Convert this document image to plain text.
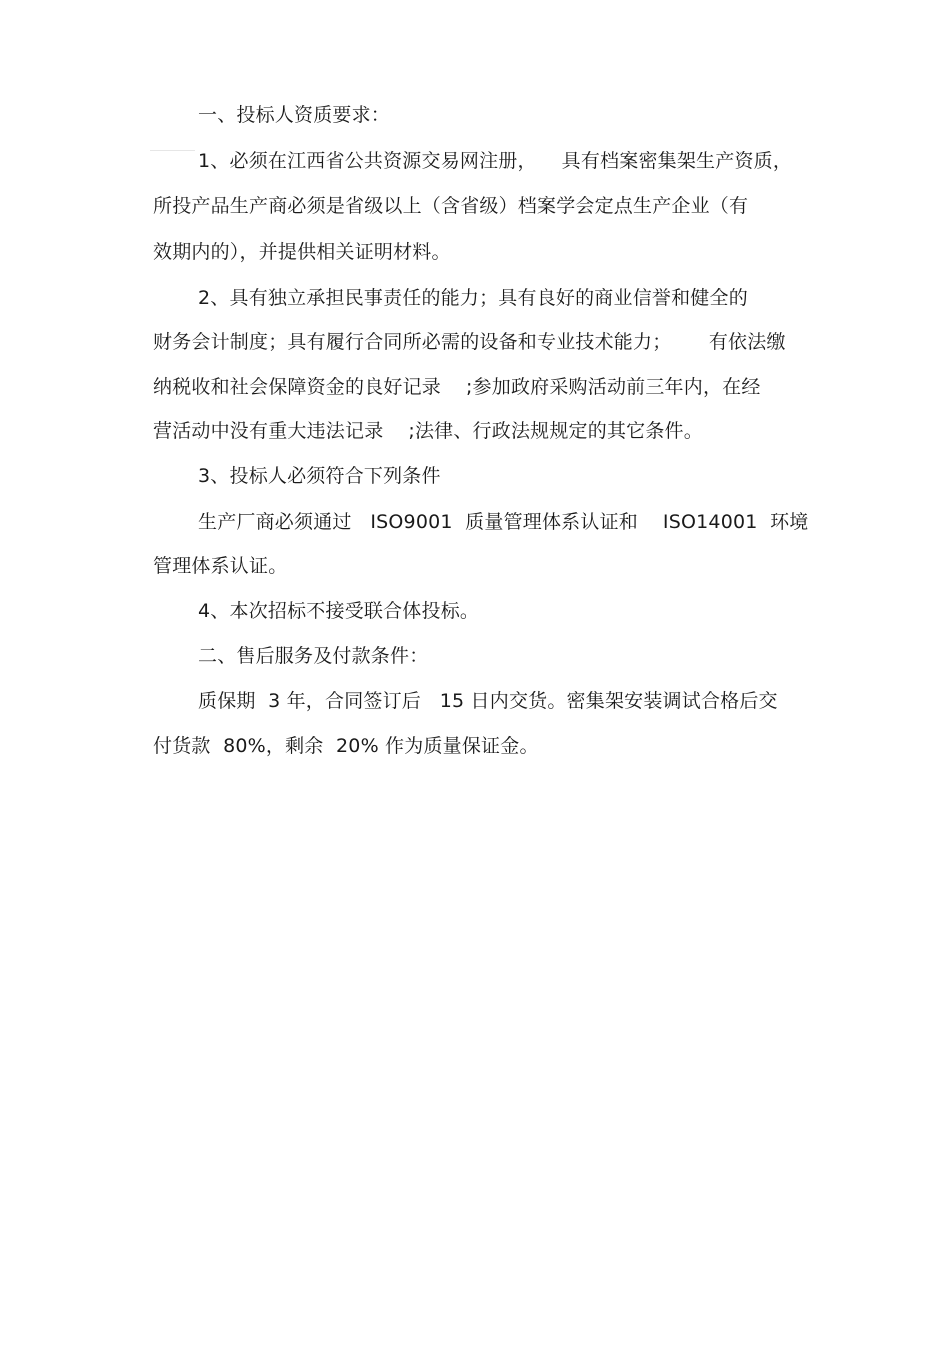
一、投标人资质要求：
1、必须在江西省公共资源交易网注册，    具有档案密集架生产资质，
所投产品生产商必须是省级以上（含省级）档案学会定点生产企业（有
效期内的），并提供相关证明材料。
2、具有独立承担民事责任的能力；具有良好的商业信誉和健全的
财务会计制度；具有履行合同所必需的设备和专业技术能力；      有依法缴
纳税收和社会保障资金的良好记录    ;参加政府采购活动前三年内，在经
营活动中没有重大违法记录    ;法律、行政法规规定的其它条件。
3、投标人必须符合下列条件
生产厂商必须通过   ISO9001  质量管理体系认证和    ISO14001  环境
管理体系认证。
4、本次招标不接受联合体投标。
二、售后服务及付款条件：
质保期  3 年，合同签订后   15 日内交货。密集架安装调试合格后交
付货款  80%，剩余  20% 作为质量保证金。
